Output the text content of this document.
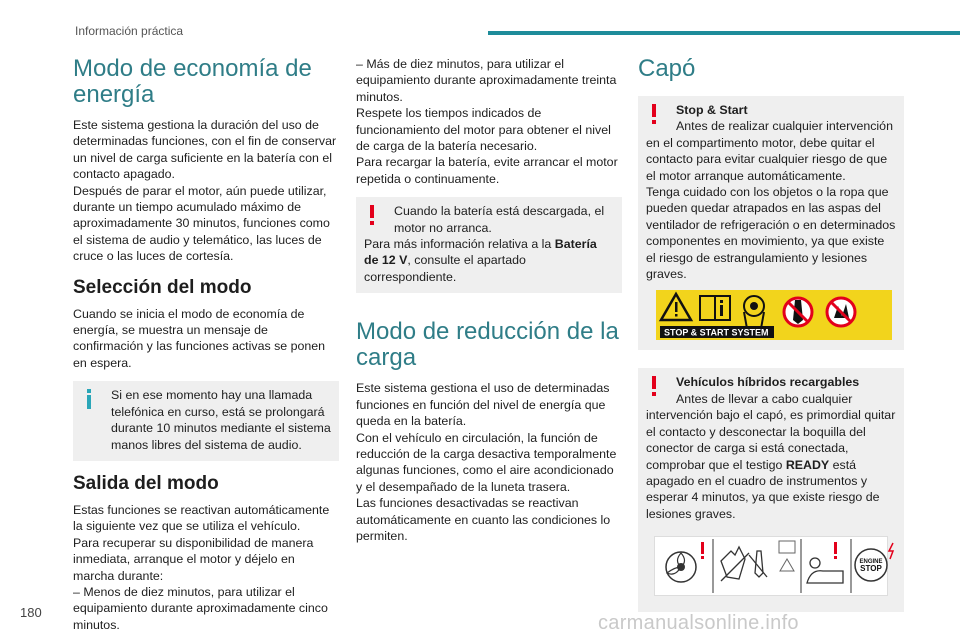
Información práctica
Modo de economía de energía

Este sistema gestiona la duración del uso de determinadas funciones, con el fin de conservar un nivel de carga suficiente en la batería con el contacto apagado.

Después de parar el motor, aún puede utilizar, durante un tiempo acumulado máximo de aproximadamente 30 minutos, funciones como el sistema de audio y telemático, las luces de cruce o las luces de cortesía.

Selección del modo

Cuando se inicia el modo de economía de energía, se muestra un mensaje de confirmación y las funciones activas se ponen en espera.

Si en ese momento hay una llamada telefónica en curso, está se prolongará durante 10 minutos mediante el sistema manos libres del sistema de audio.

Salida del modo

Estas funciones se reactivan automáticamente la siguiente vez que se utiliza el vehículo.

Para recuperar su disponibilidad de manera inmediata, arranque el motor y déjelo en marcha durante:

– Menos de diez minutos, para utilizar el equipamiento durante aproximadamente cinco minutos.

– Más de diez minutos, para utilizar el equipamiento durante aproximadamente treinta minutos.

Respete los tiempos indicados de funcionamiento del motor para obtener el nivel de carga de la batería necesario.

Para recargar la batería, evite arrancar el motor repetida o continuamente.

Cuando la batería está descargada, el motor no arranca.

Para más información relativa a la Batería de 12 V, consulte el apartado correspondiente.

Modo de reducción de la carga

Este sistema gestiona el uso de determinadas funciones en función del nivel de energía que queda en la batería.

Con el vehículo en circulación, la función de reducción de la carga desactiva temporalmente algunas funciones, como el aire acondicionado y el desempañado de la luneta trasera.

Las funciones desactivadas se reactivan automáticamente en cuanto las condiciones lo permiten.

Capó

Stop & Start

Antes de realizar cualquier intervención en el compartimento motor, debe quitar el contacto para evitar cualquier riesgo de que el motor arranque automáticamente.

Tenga cuidado con los objetos o la ropa que pueden quedar atrapados en las aspas del ventilador de refrigeración o en determinados componentes en movimiento, ya que existe el riesgo de estrangulamiento y lesiones graves.

STOP & START SYSTEM

Vehículos híbridos recargables

Antes de llevar a cabo cualquier intervención bajo el capó, es primordial quitar el contacto y desconectar la boquilla del conector de carga si está conectada, comprobar que el testigo READY está apagado en el cuadro de instrumentos y esperar 4 minutos, ya que existe riesgo de lesiones graves.

ENGINE
STOP
180	carmanualsonline.info
